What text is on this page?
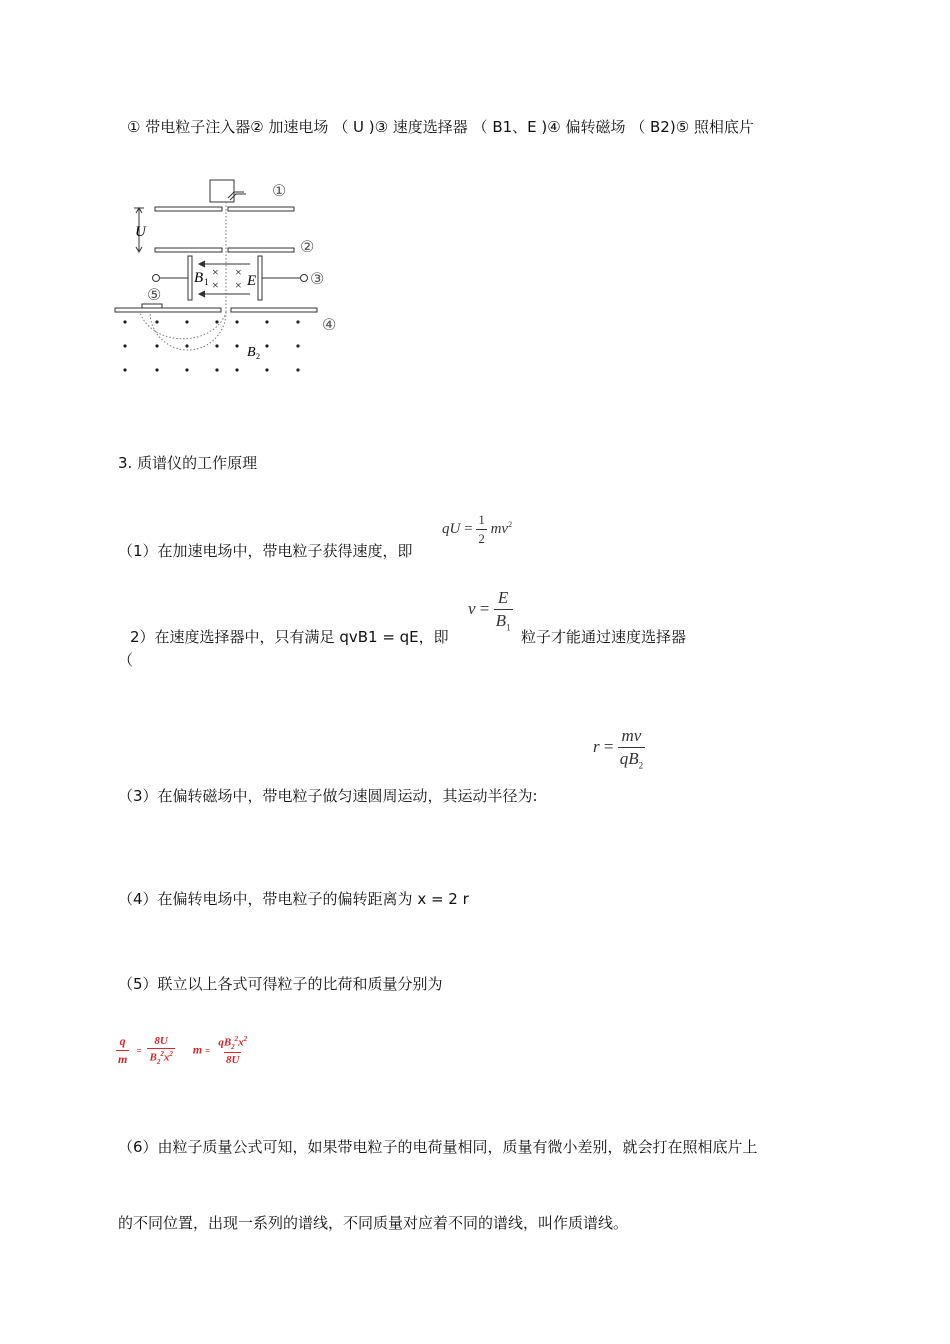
① 带电粒子注入器② 加速电场 （ U )③ 速度选择器 （ B1、E )④ 偏转磁场 （ B2)⑤ 照相底片
U
× ×
× ×
B 1	E
B 2
①
②
③
④
⑤
3. 质谱仪的工作原理
（1）在加速电场中，带电粒子获得速度，即
qU = $\frac{1}{2} mv^2$
$v = \frac{E}{B_1}$
2）在速度选择器中，只有满足 qvB1 = qE，即	粒子才能通过速度选择器
（
$r = \frac{mv}{qB_2}$
（3）在偏转磁场中，带电粒子做匀速圆周运动，其运动半径为:
（4）在偏转电场中，带电粒子的偏转距离为 x = 2 r
（5）联立以上各式可得粒子的比荷和质量分别为
$\frac{q}{m} = \frac{8U}{B_2^2x^2}$ $m = \frac{qB_2^2x^2}{8U}$
（6）由粒子质量公式可知，如果带电粒子的电荷量相同，质量有微小差别，就会打在照相底片上
的不同位置，出现一系列的谱线，不同质量对应着不同的谱线，叫作质谱线。
